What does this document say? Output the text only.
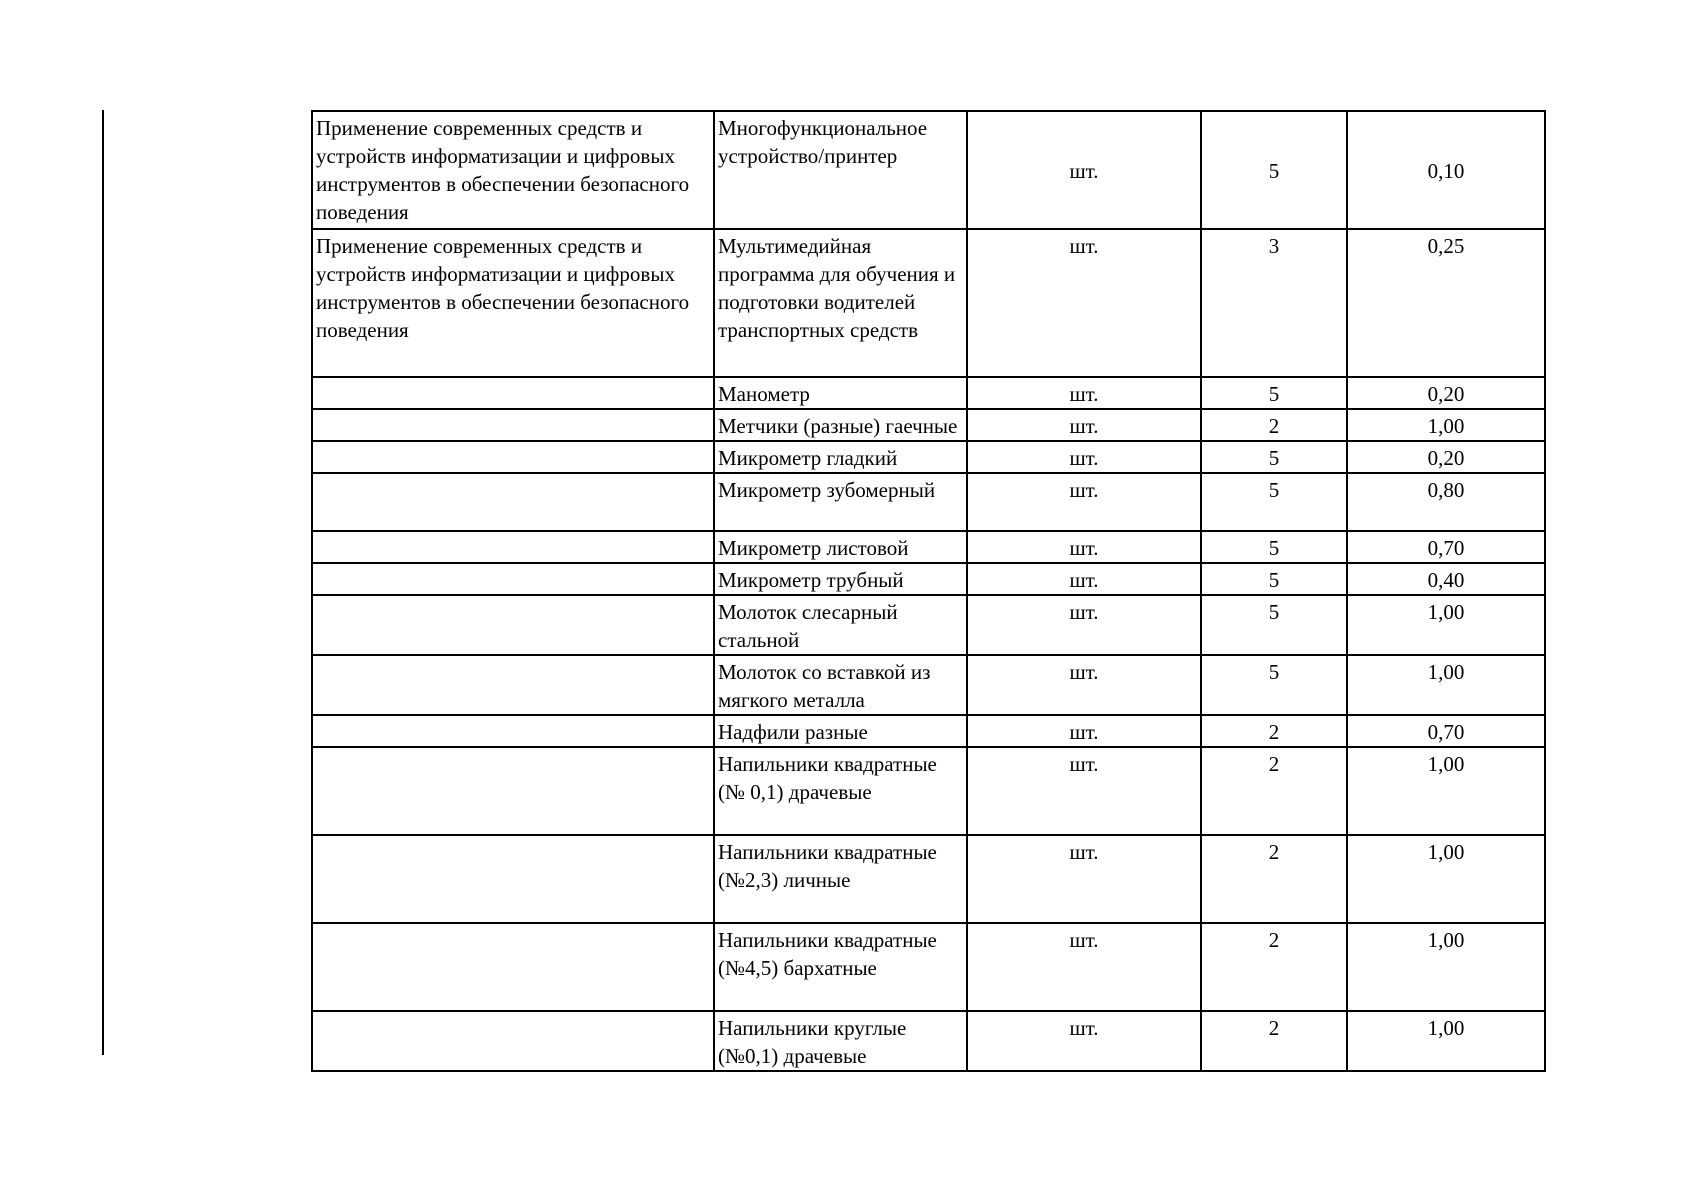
Применение современных средств и устройств информатизации и цифровых инструментов в обеспечении безопасного поведения	Многофункциональное устройство/принтер	шт.	5	0,10
Применение современных средств и устройств информатизации и цифровых инструментов в обеспечении безопасного поведения	Мультимедийная программа для обучения и подготовки водителей транспортных средств	шт.	3	0,25
	Манометр	шт.	5	0,20
	Метчики (разные) гаечные	шт.	2	1,00
	Микрометр гладкий	шт.	5	0,20
	Микрометр зубомерный	шт.	5	0,80
	Микрометр листовой	шт.	5	0,70
	Микрометр трубный	шт.	5	0,40
	Молоток слесарный стальной	шт.	5	1,00
	Молоток со вставкой из мягкого металла	шт.	5	1,00
	Надфили разные	шт.	2	0,70
	Напильники квадратные (№ 0,1) драчевые	шт.	2	1,00
	Напильники квадратные (№2,3) личные	шт.	2	1,00
	Напильники квадратные (№4,5) бархатные	шт.	2	1,00
	Напильники круглые (№0,1) драчевые	шт.	2	1,00
